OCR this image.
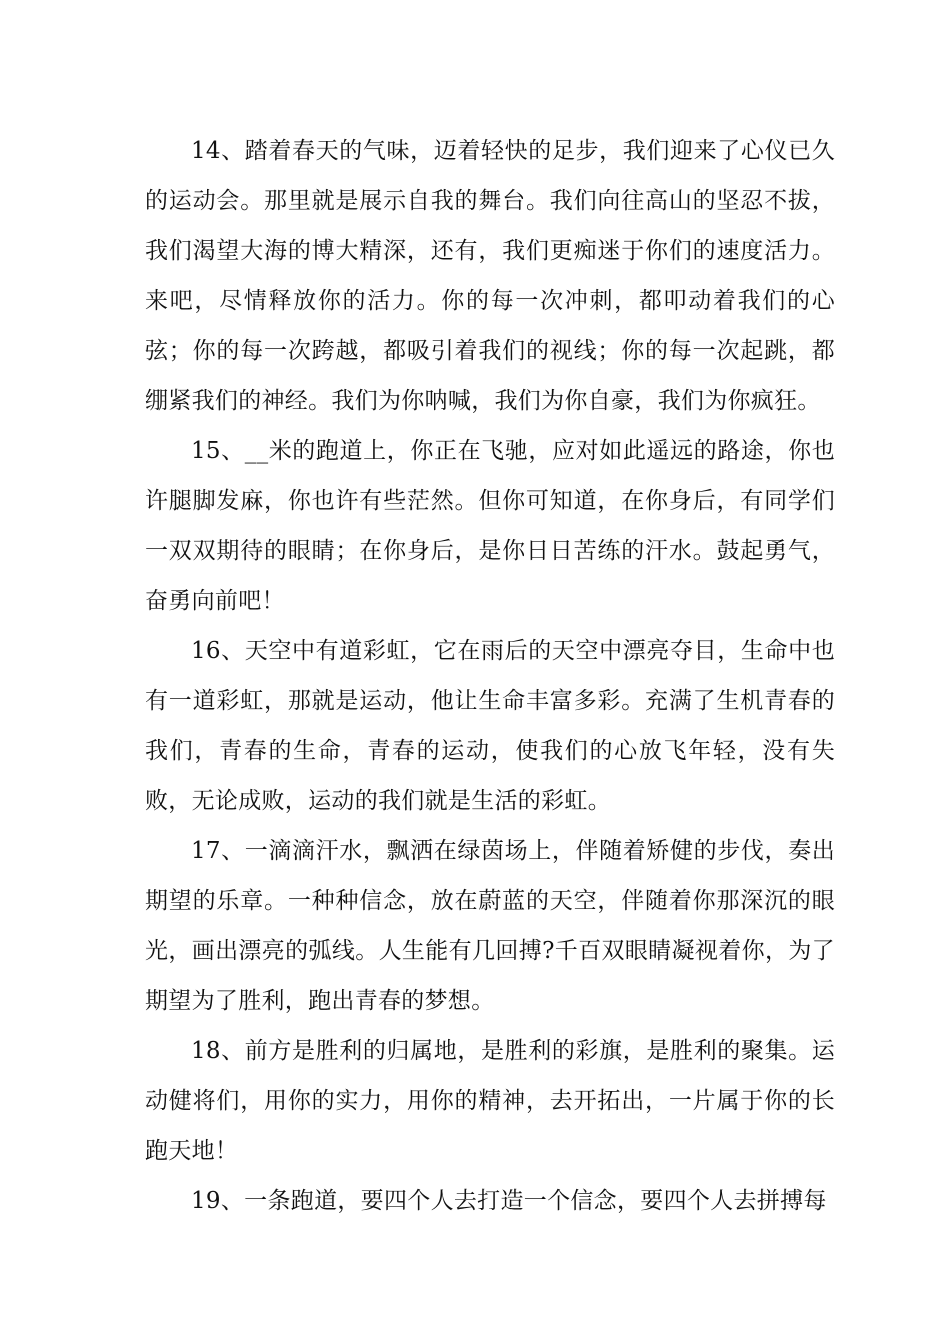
14、踏着春天的气味，迈着轻快的足步，我们迎来了心仪已久的运动会。那里就是展示自我的舞台。我们向往高山的坚忍不拔，我们渴望大海的博大精深，还有，我们更痴迷于你们的速度活力。来吧，尽情释放你的活力。你的每一次冲刺，都叩动着我们的心弦；你的每一次跨越，都吸引着我们的视线；你的每一次起跳，都绷紧我们的神经。我们为你呐喊，我们为你自豪，我们为你疯狂。

15、__米的跑道上，你正在飞驰，应对如此遥远的路途，你也许腿脚发麻，你也许有些茫然。但你可知道，在你身后，有同学们一双双期待的眼睛；在你身后，是你日日苦练的汗水。鼓起勇气，奋勇向前吧！

16、天空中有道彩虹，它在雨后的天空中漂亮夺目，生命中也有一道彩虹，那就是运动，他让生命丰富多彩。充满了生机青春的我们，青春的生命，青春的运动，使我们的心放飞年轻，没有失败，无论成败，运动的我们就是生活的彩虹。

17、一滴滴汗水，飘洒在绿茵场上，伴随着矫健的步伐，奏出期望的乐章。一种种信念，放在蔚蓝的天空，伴随着你那深沉的眼光，画出漂亮的弧线。人生能有几回搏?千百双眼睛凝视着你，为了期望为了胜利，跑出青春的梦想。

18、前方是胜利的归属地，是胜利的彩旗，是胜利的聚集。运动健将们，用你的实力，用你的精神，去开拓出，一片属于你的长跑天地！

19、一条跑道，要四个人去打造一个信念，要四个人去拼搏每
